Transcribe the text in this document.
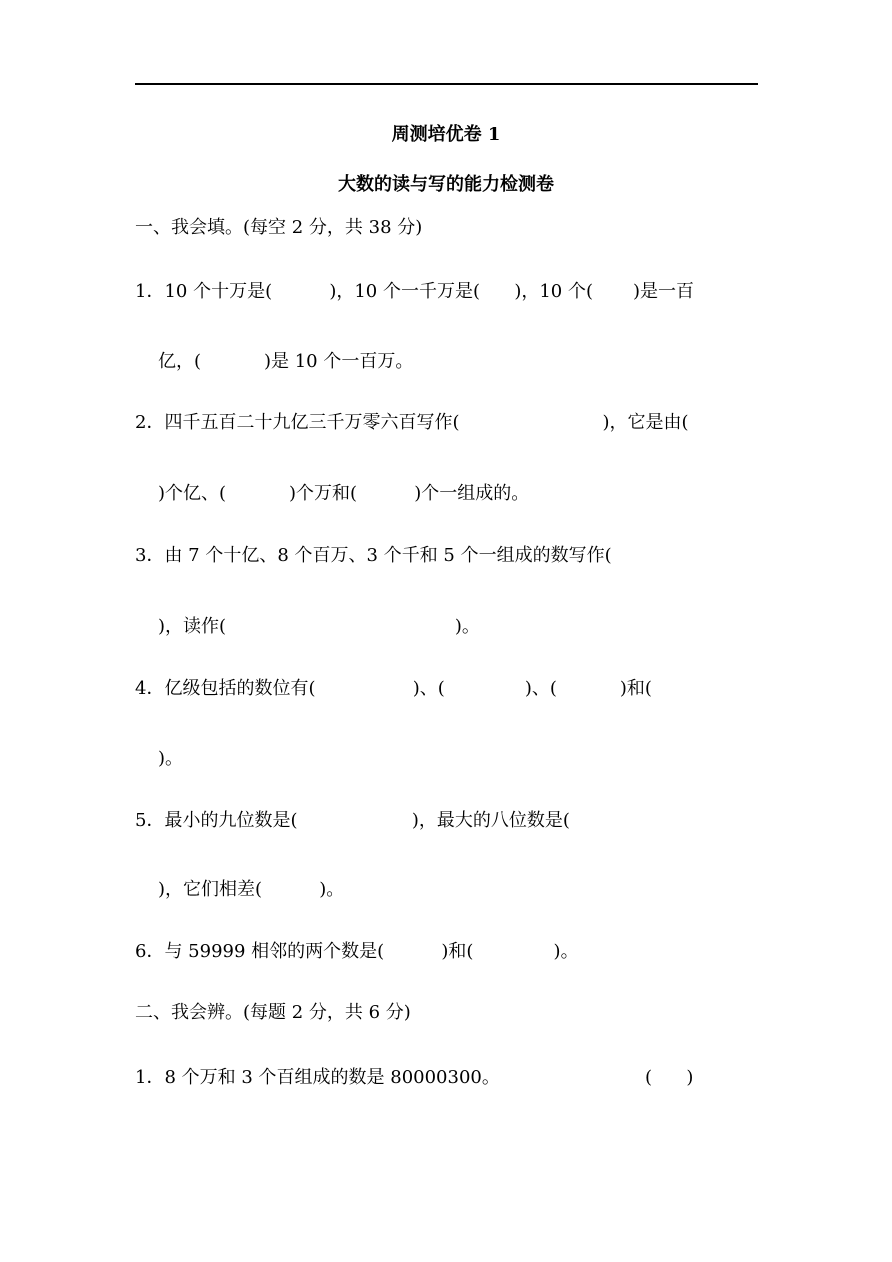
周测培优卷 1
大数的读与写的能力检测卷
一、我会填。(每空 2 分，共 38 分)
1．10 个十万是(          )，10 个一千万是(      )，10 个(       )是一百
亿，(           )是 10 个一百万。
2．四千五百二十九亿三千万零六百写作(                         )，它是由(
)个亿、(           )个万和(          )个一组成的。
3．由 7 个十亿、8 个百万、3 个千和 5 个一组成的数写作(
)，读作(                                        )。
4．亿级包括的数位有(                 )、(              )、(           )和(
)。
5．最小的九位数是(                    )，最大的八位数是(
)，它们相差(          )。
6．与 59999 相邻的两个数是(          )和(              )。
二、我会辨。(每题 2 分，共 6 分)
1．8 个万和 3 个百组成的数是 80000300。	(      )
